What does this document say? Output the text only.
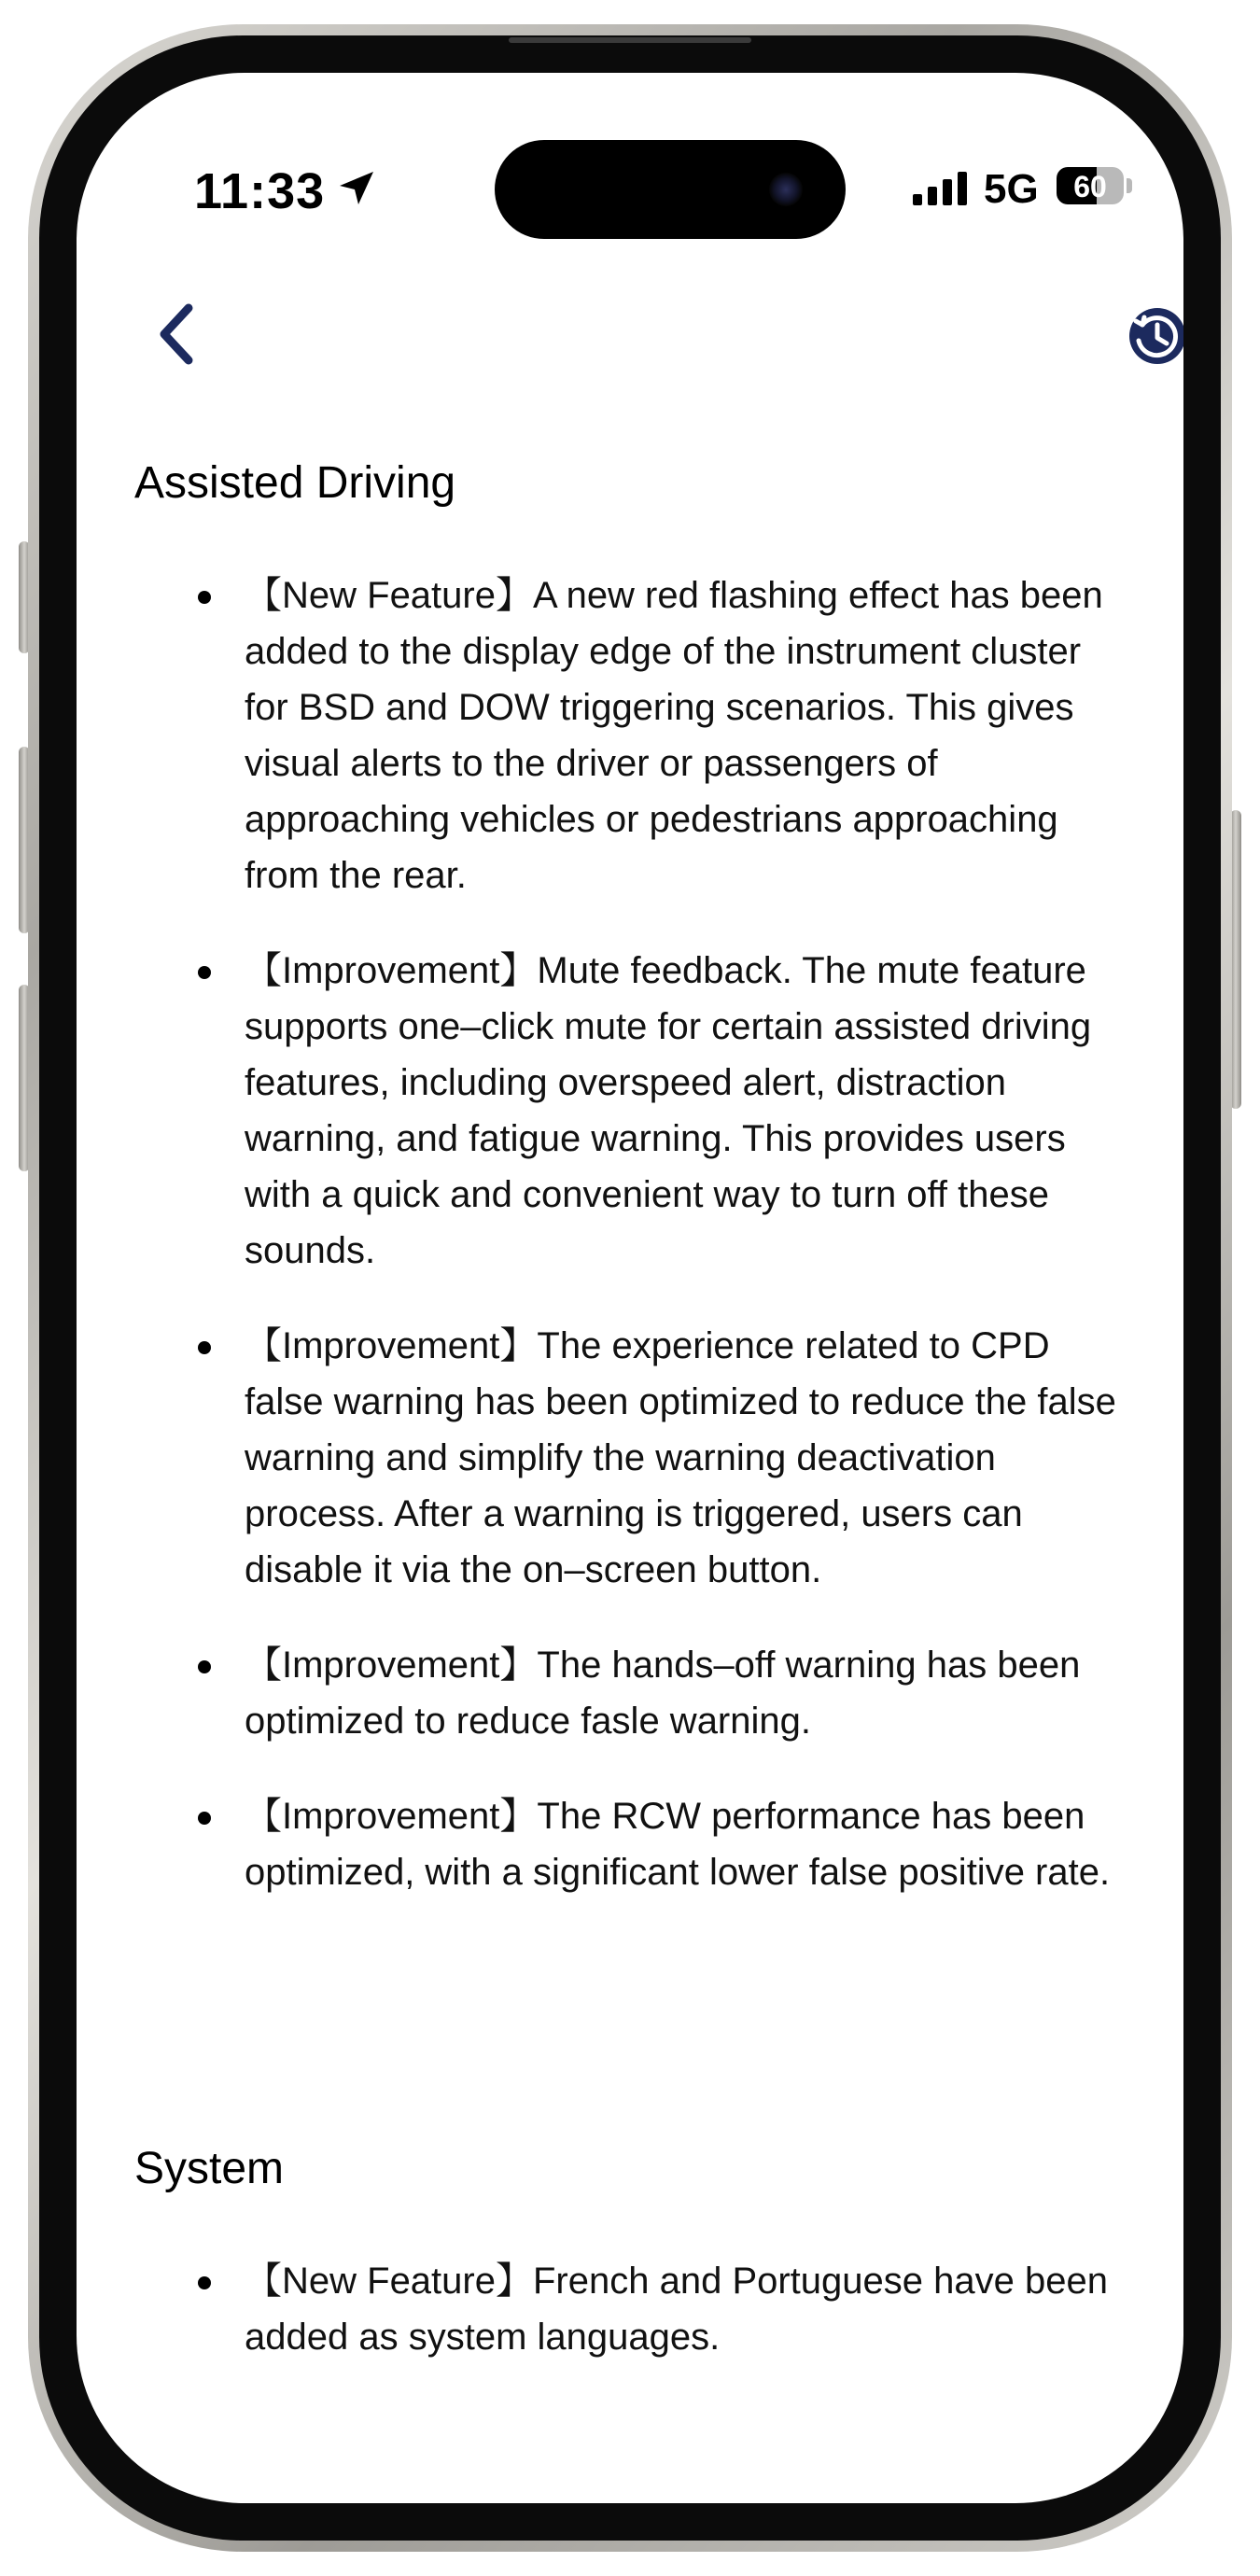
11:33	5G	60
Assisted Driving
【New Feature】A new red flashing effect has been added to the display edge of the instrument cluster for BSD and DOW triggering scenarios. This gives visual alerts to the driver or passengers of approaching vehicles or pedestrians approaching from the rear.
【Improvement】Mute feedback. The mute feature supports one–click mute for certain assisted driving features, including overspeed alert, distraction warning, and fatigue warning. This provides users with a quick and convenient way to turn off these sounds.
【Improvement】The experience related to CPD false warning has been optimized to reduce the false warning and simplify the warning deactivation process. After a warning is triggered, users can disable it via the on–screen button.
【Improvement】The hands–off warning has been optimized to reduce fasle warning.
【Improvement】The RCW performance has been optimized, with a significant lower false positive rate.
System
【New Feature】French and Portuguese have been added as system languages.
